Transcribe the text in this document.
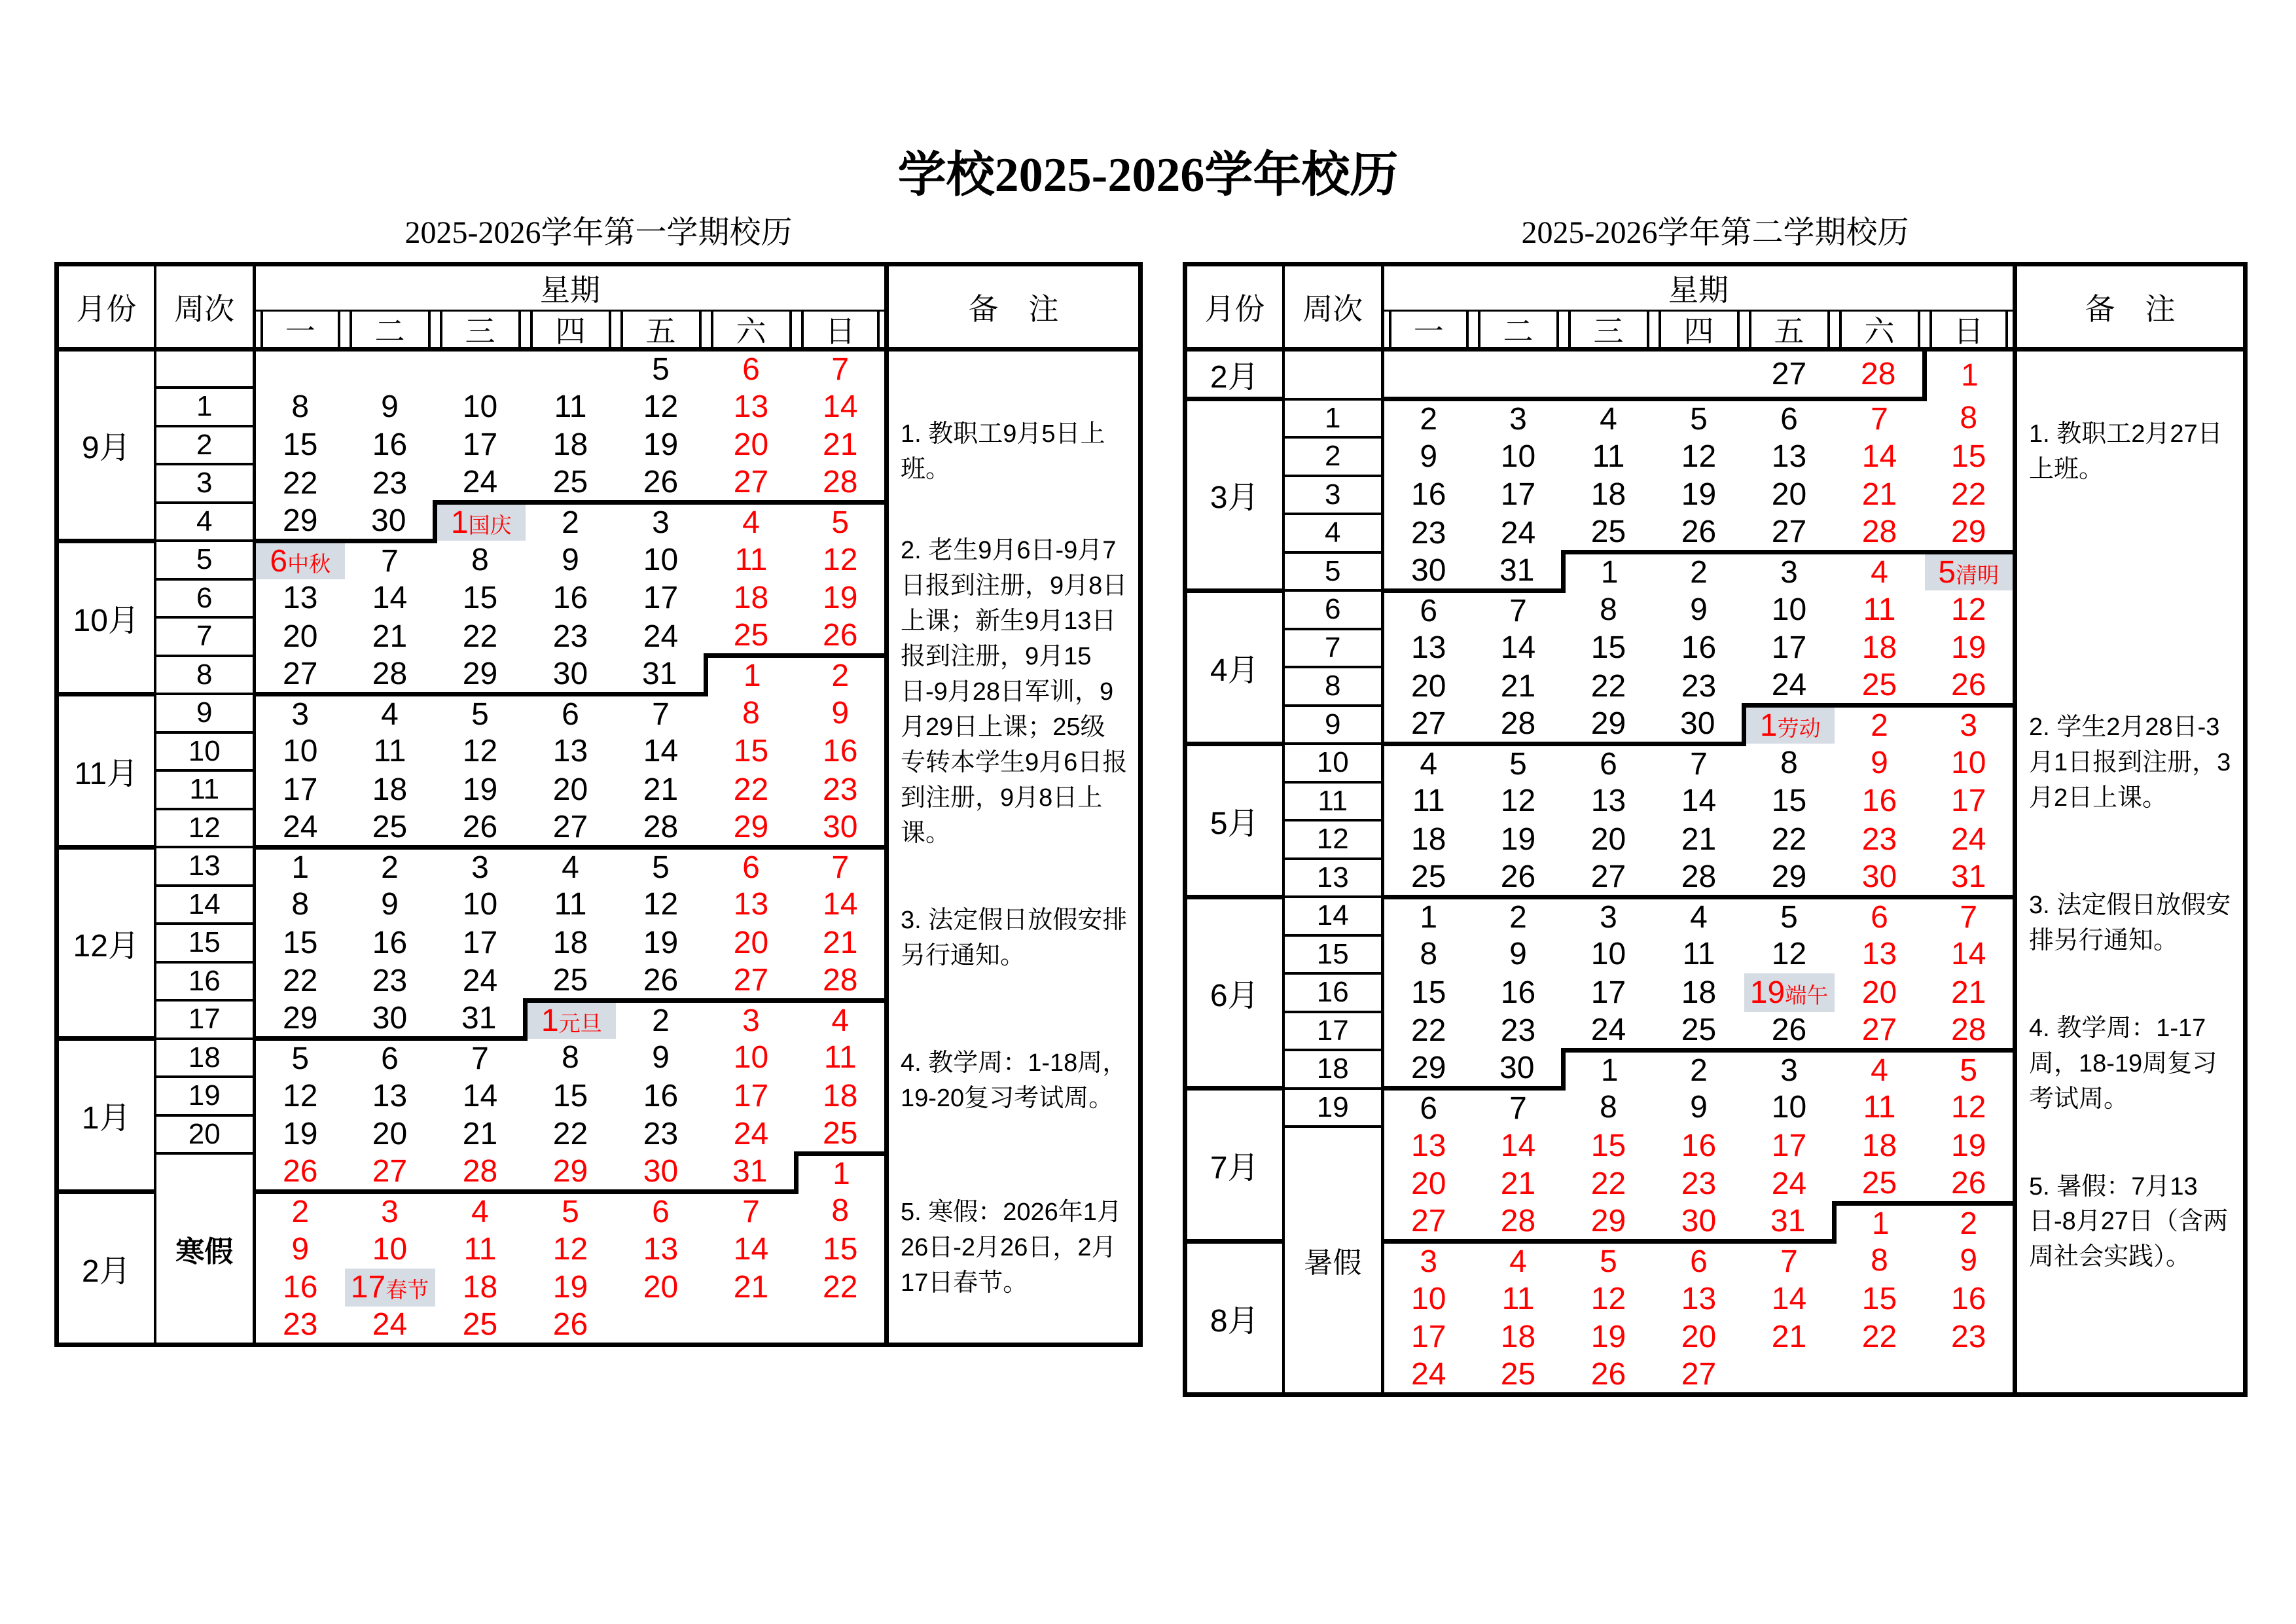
学校2025-2026学年校历
2025-2026学年第一学期校历
月份	周次	星期							备注

一	二	三	四	五	六	日	

9月						5	6	7	1. 教职工9月5日上班。

2. 老生9月6日-9月7日报到注册，9月8日上课；新生9月13日报到注册，9月15日-9月28日军训，9月29日上课；25级专转本学生9月6日报到注册，9月8日上课。

3. 法定假日放假安排另行通知。

4. 教学周：1-18周，19-20复习考试周。

5. 寒假：2026年1月26日-2月26日，2月17日春节。

	1	8	9	10	11	12	13	14	
	2	15	16	17	18	19	20	21	
	3	22	23	24	25	26	27	28	
	4	29	30	1国庆	2	3	4	5	
10月	5	6中秋	7	8	9	10	11	12	
	6	13	14	15	16	17	18	19	
	7	20	21	22	23	24	25	26	
	8	27	28	29	30	31	1	2	
11月	9	3	4	5	6	7	8	9	
	10	10	11	12	13	14	15	16	
	11	17	18	19	20	21	22	23	
	12	24	25	26	27	28	29	30	
12月	13	1	2	3	4	5	6	7	
	14	8	9	10	11	12	13	14	
	15	15	16	17	18	19	20	21	
	16	22	23	24	25	26	27	28	
	17	29	30	31	1元旦	2	3	4	
1月	18	5	6	7	8	9	10	11	
	19	12	13	14	15	16	17	18	
	20	19	20	21	22	23	24	25	
	寒假	26	27	28	29	30	31	1	
2月		2	3	4	5	6	7	8	
		9	10	11	12	13	14	15	
		16	17春节	18	19	20	21	22	
		23	24	25	26				
2025-2026学年第二学期校历
月份	周次	星期							备注

一	二	三	四	五	六	日	

2月						27	28	1	1. 教职工2月27日上班。

2. 学生2月28日-3月1日报到注册，3月2日上课。

3. 法定假日放假安排另行通知。

4. 教学周：1-17周，18-19周复习考试周。

5. 暑假：7月13日-8月27日（含两周社会实践）。

3月	1	2	3	4	5	6	7	8	
	2	9	10	11	12	13	14	15	
	3	16	17	18	19	20	21	22	
	4	23	24	25	26	27	28	29	
	5	30	31	1	2	3	4	5清明	
4月	6	6	7	8	9	10	11	12	
	7	13	14	15	16	17	18	19	
	8	20	21	22	23	24	25	26	
	9	27	28	29	30	1劳动	2	3	
5月	10	4	5	6	7	8	9	10	
	11	11	12	13	14	15	16	17	
	12	18	19	20	21	22	23	24	
	13	25	26	27	28	29	30	31	
6月	14	1	2	3	4	5	6	7	
	15	8	9	10	11	12	13	14	
	16	15	16	17	18	19端午	20	21	
	17	22	23	24	25	26	27	28	
	18	29	30	1	2	3	4	5	
7月	19	6	7	8	9	10	11	12	
	暑假	13	14	15	16	17	18	19	
		20	21	22	23	24	25	26	
		27	28	29	30	31	1	2	
8月		3	4	5	6	7	8	9	
		10	11	12	13	14	15	16	
		17	18	19	20	21	22	23	
		24	25	26	27				
